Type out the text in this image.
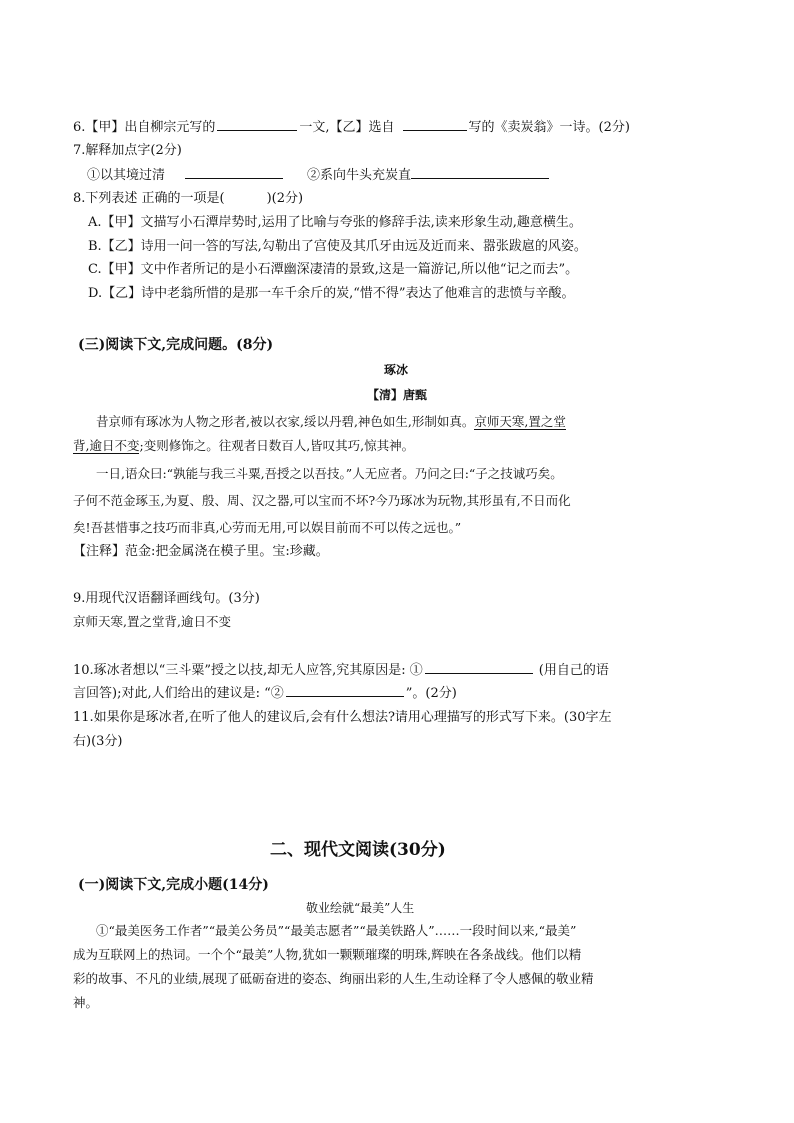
6.【甲】出自柳宗元写的	一文,【乙】选自	写的《卖炭翁》一诗。(2分)
7.解释加点字(2分)
①以其境过清	②系向牛头充炭直
8.下列表述 正确的一项是(	)(2分)
A.【甲】文描写小石潭岸势时,运用了比喻与夸张的修辞手法,读来形象生动,趣意横生。
B.【乙】诗用一问一答的写法,勾勒出了宫使及其爪牙由远及近而来、嚣张跋扈的风姿。
C.【甲】文中作者所记的是小石潭幽深凄清的景致,这是一篇游记,所以他“记之而去”。
D.【乙】诗中老翁所惜的是那一车千余斤的炭,“惜不得”表达了他难言的悲愤与辛酸。
(三)阅读下文,完成问题。(8分)
琢冰
【清】唐甄
昔京师有琢冰为人物之形者,被以衣家,绥以丹碧,神色如生,形制如真。京师天寒,置之堂
背,逾日不变;变则修饰之。往观者日数百人,皆叹其巧,惊其神。
一日,语众曰:“孰能与我三斗粟,吾授之以吾技。”人无应者。乃问之曰:“子之技诚巧矣。
子何不范金琢玉,为夏、殷、周、汉之器,可以宝而不坏?今乃琢冰为玩物,其形虽有,不日而化
矣!吾甚惜事之技巧而非真,心劳而无用,可以娱目前而不可以传之远也。”
【注释】范金:把金属浇在模子里。宝:珍藏。
9.用现代汉语翻译画线句。(3分)
京师天寒,置之堂背,逾日不变
10.琢冰者想以“三斗粟”授之以技,却无人应答,究其原因是: ①	(用自己的语
言回答);对此,人们给出的建议是: “②	”。(2分)
11.如果你是琢冰者,在听了他人的建议后,会有什么想法?请用心理描写的形式写下来。(30字左
右)(3分)
二、现代文阅读(30分)
(一)阅读下文,完成小题(14分)
敬业绘就“最美”人生
①“最美医务工作者”“最美公务员”“最美志愿者”“最美铁路人”……一段时间以来,“最美”
成为互联网上的热词。一个个“最美”人物,犹如一颗颗璀璨的明珠,辉映在各条战线。他们以精
彩的故事、不凡的业绩,展现了砥砺奋进的姿态、绚丽出彩的人生,生动诠释了令人感佩的敬业精
神。
